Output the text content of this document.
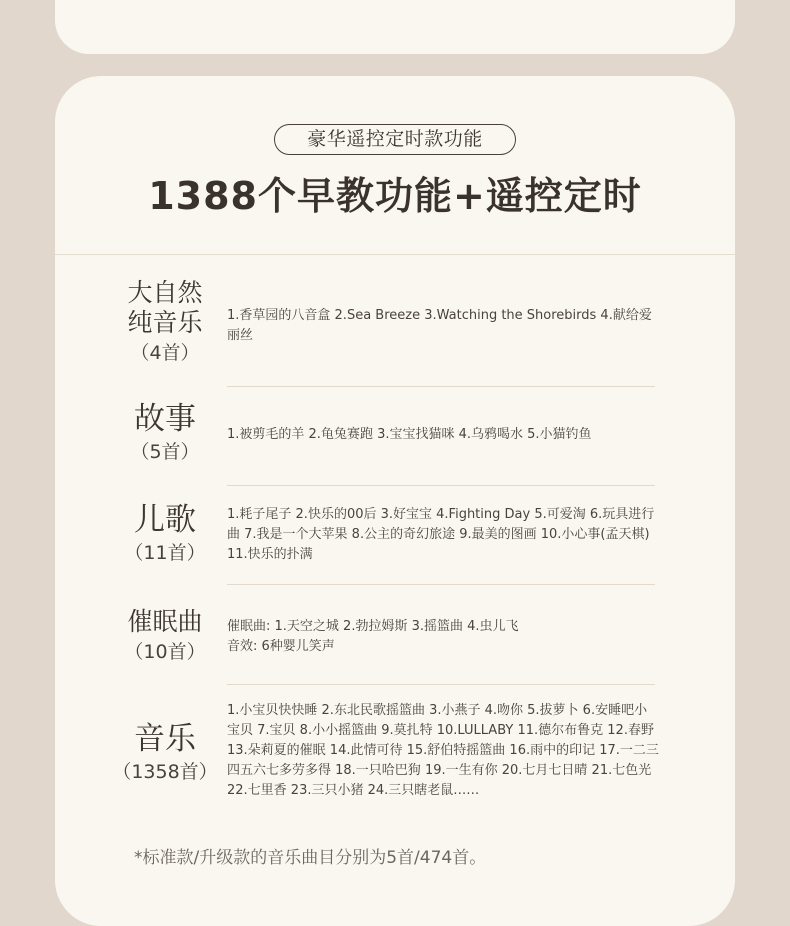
豪华遥控定时款功能
1388个早教功能+遥控定时
大自然
纯音乐
（4首）
1.香草园的八音盒 2.Sea Breeze 3.Watching the Shorebirds 4.献给爱丽丝
故事
（5首）
1.被剪毛的羊 2.龟兔赛跑 3.宝宝找猫咪 4.乌鸦喝水 5.小猫钓鱼
儿歌
（11首）
1.耗子尾子 2.快乐的00后 3.好宝宝 4.Fighting Day 5.可爱淘 6.玩具进行曲 7.我是一个大苹果 8.公主的奇幻旅途 9.最美的图画 10.小心事(孟天棋) 11.快乐的扑满
催眠曲
（10首）
催眠曲: 1.天空之城 2.勃拉姆斯 3.摇篮曲 4.虫儿飞
音效: 6种婴儿笑声
音乐
（1358首）
1.小宝贝快快睡 2.东北民歌摇篮曲 3.小燕子 4.吻你 5.拔萝卜 6.安睡吧小宝贝 7.宝贝 8.小小摇篮曲 9.莫扎特 10.LULLABY 11.德尔布鲁克 12.春野 13.朵莉夏的催眠 14.此情可待 15.舒伯特摇篮曲 16.雨中的印记 17.一二三四五六七多劳多得 18.一只哈巴狗 19.一生有你 20.七月七日晴 21.七色光 22.七里香 23.三只小猪 24.三只瞎老鼠……
*标准款/升级款的音乐曲目分别为5首/474首。
